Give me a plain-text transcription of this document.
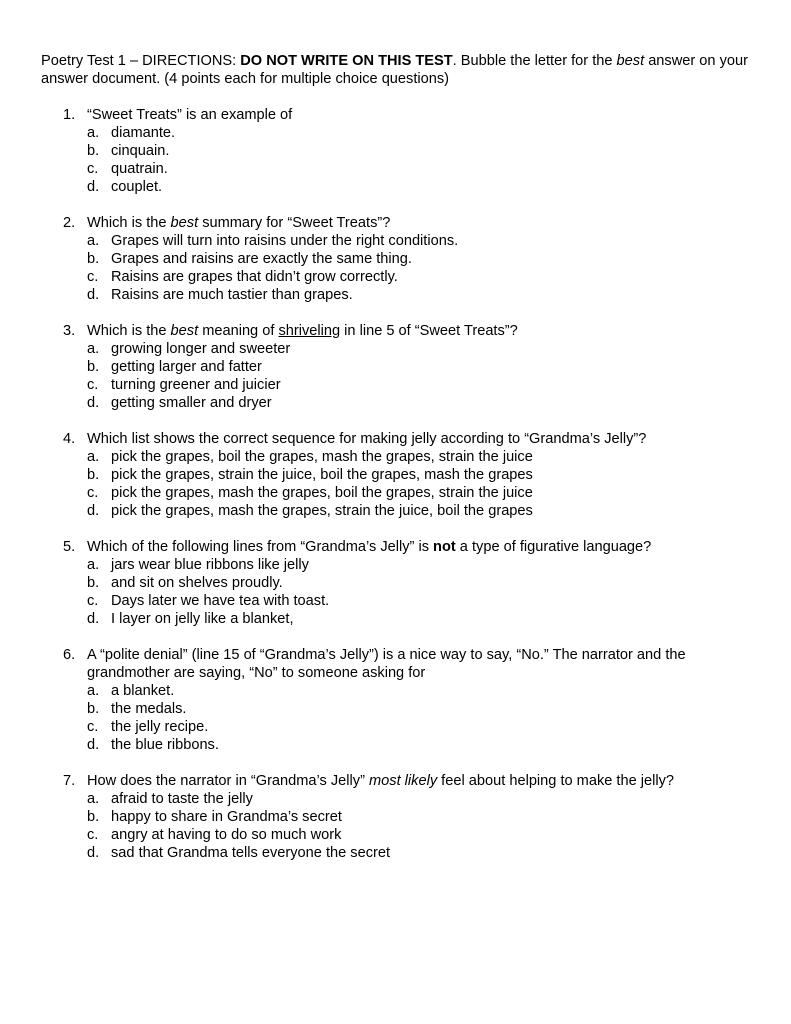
Poetry Test 1 – DIRECTIONS: DO NOT WRITE ON THIS TEST. Bubble the letter for the best answer on your answer document. (4 points each for multiple choice questions)
1. “Sweet Treats” is an example of
a. diamante.
b. cinquain.
c. quatrain.
d. couplet.
2. Which is the best summary for “Sweet Treats”?
a. Grapes will turn into raisins under the right conditions.
b. Grapes and raisins are exactly the same thing.
c. Raisins are grapes that didn’t grow correctly.
d. Raisins are much tastier than grapes.
3. Which is the best meaning of shriveling in line 5 of “Sweet Treats”?
a. growing longer and sweeter
b. getting larger and fatter
c. turning greener and juicier
d. getting smaller and dryer
4. Which list shows the correct sequence for making jelly according to “Grandma’s Jelly”?
a. pick the grapes, boil the grapes, mash the grapes, strain the juice
b. pick the grapes, strain the juice, boil the grapes, mash the grapes
c. pick the grapes, mash the grapes, boil the grapes, strain the juice
d. pick the grapes, mash the grapes, strain the juice, boil the grapes
5. Which of the following lines from “Grandma’s Jelly” is not a type of figurative language?
a. jars wear blue ribbons like jelly
b. and sit on shelves proudly.
c. Days later we have tea with toast.
d. I layer on jelly like a blanket,
6. A “polite denial” (line 15 of “Grandma’s Jelly”) is a nice way to say, “No.” The narrator and the grandmother are saying, “No” to someone asking for
a. a blanket.
b. the medals.
c. the jelly recipe.
d. the blue ribbons.
7. How does the narrator in “Grandma’s Jelly” most likely feel about helping to make the jelly?
a. afraid to taste the jelly
b. happy to share in Grandma’s secret
c. angry at having to do so much work
d. sad that Grandma tells everyone the secret
